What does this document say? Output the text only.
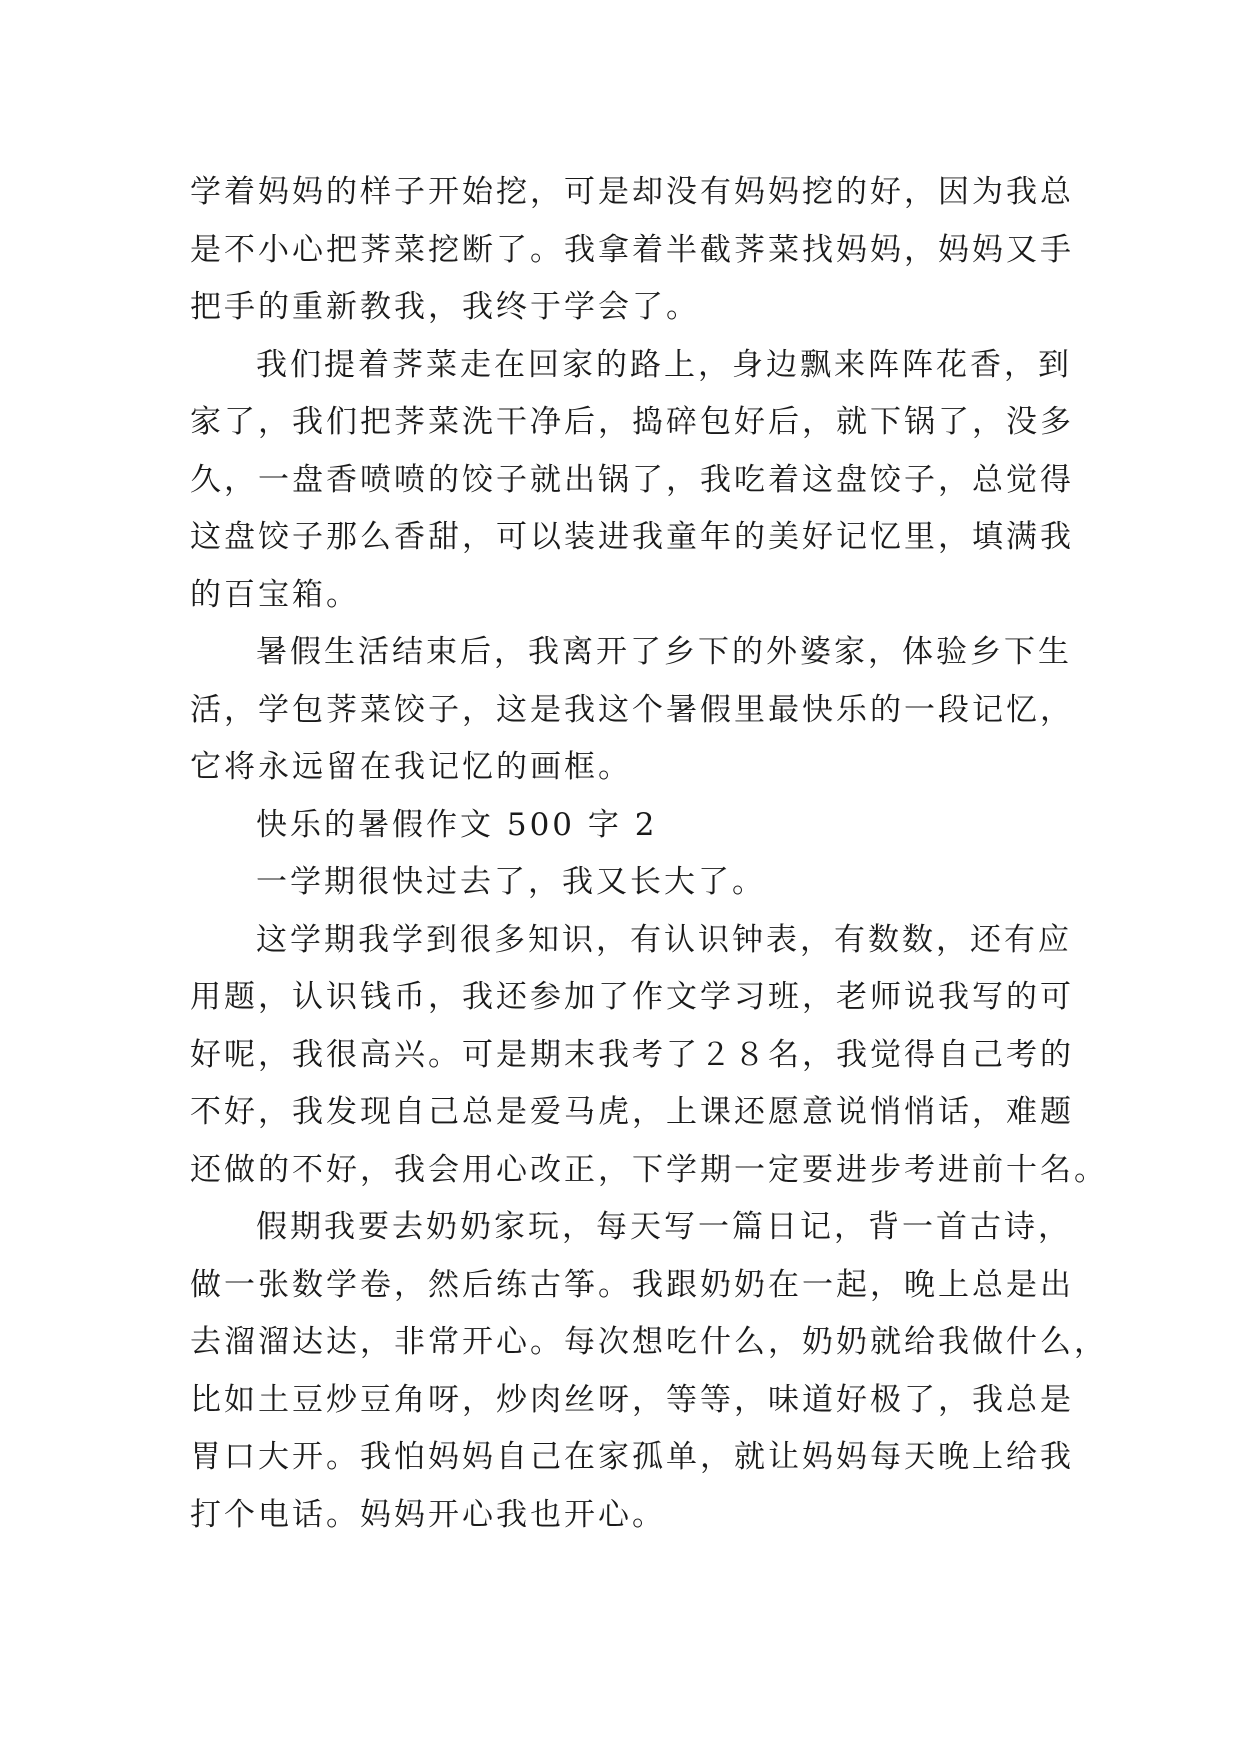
学着妈妈的样子开始挖，可是却没有妈妈挖的好，因为我总
是不小心把荠菜挖断了。我拿着半截荠菜找妈妈，妈妈又手
把手的重新教我，我终于学会了。
我们提着荠菜走在回家的路上，身边飘来阵阵花香，到
家了，我们把荠菜洗干净后，捣碎包好后，就下锅了，没多
久，一盘香喷喷的饺子就出锅了，我吃着这盘饺子，总觉得
这盘饺子那么香甜，可以装进我童年的美好记忆里，填满我
的百宝箱。
暑假生活结束后，我离开了乡下的外婆家，体验乡下生
活，学包荠菜饺子，这是我这个暑假里最快乐的一段记忆，
它将永远留在我记忆的画框。
快乐的暑假作文 500 字 2
一学期很快过去了，我又长大了。
这学期我学到很多知识，有认识钟表，有数数，还有应
用题，认识钱币，我还参加了作文学习班，老师说我写的可
好呢，我很高兴。可是期末我考了２８名，我觉得自己考的
不好，我发现自己总是爱马虎，上课还愿意说悄悄话，难题
还做的不好，我会用心改正，下学期一定要进步考进前十名。
假期我要去奶奶家玩，每天写一篇日记，背一首古诗，
做一张数学卷，然后练古筝。我跟奶奶在一起，晚上总是出
去溜溜达达，非常开心。每次想吃什么，奶奶就给我做什么，
比如土豆炒豆角呀，炒肉丝呀，等等，味道好极了，我总是
胃口大开。我怕妈妈自己在家孤单，就让妈妈每天晚上给我
打个电话。妈妈开心我也开心。
